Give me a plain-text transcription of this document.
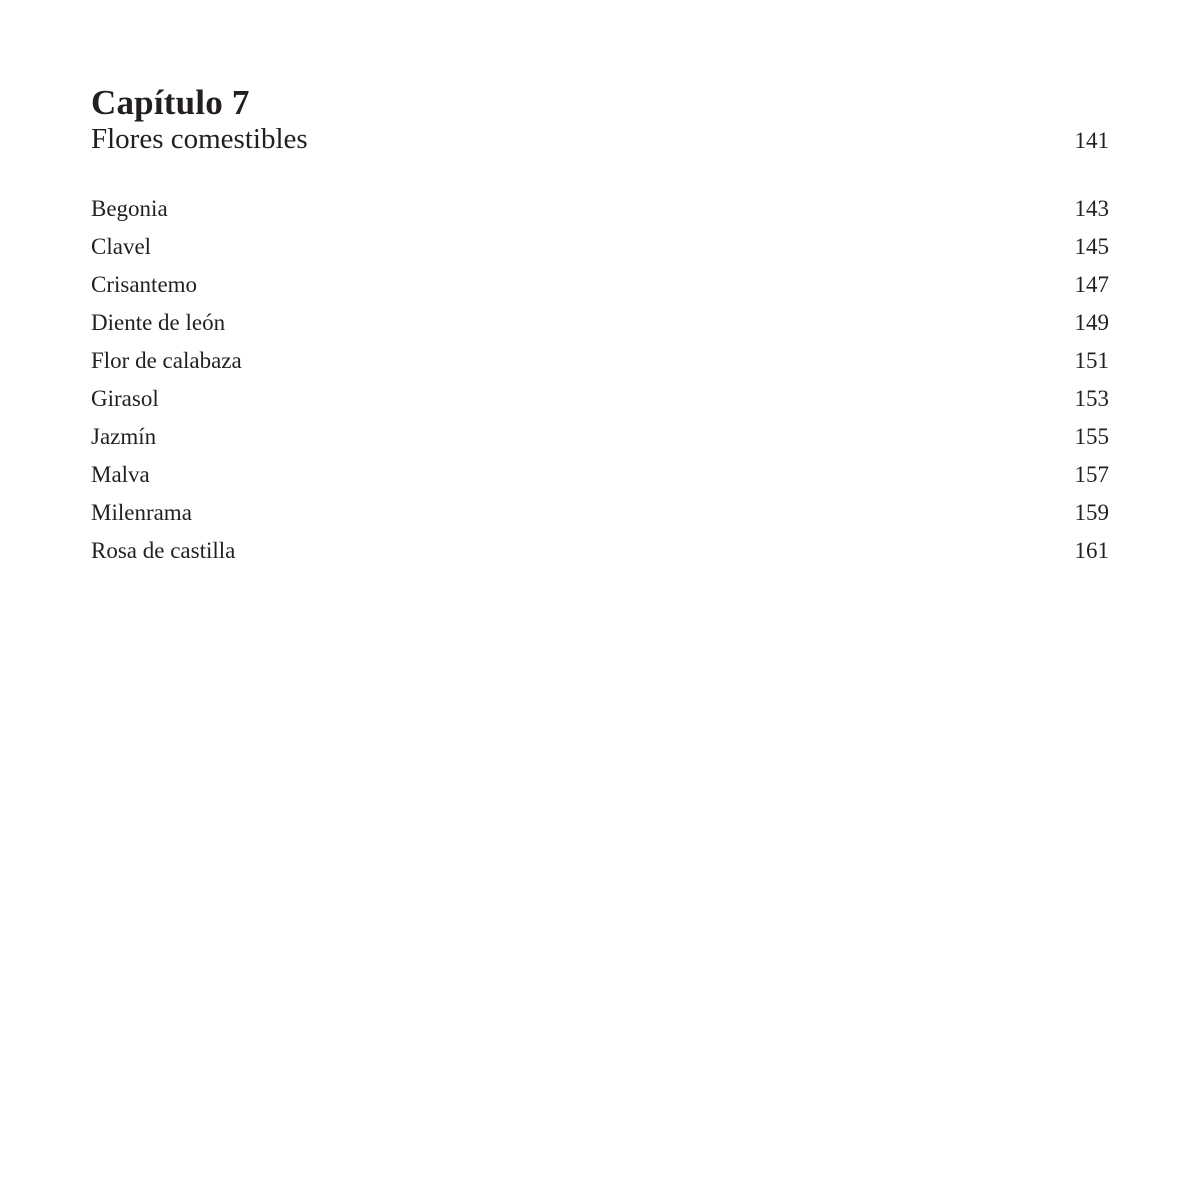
Capítulo 7
Flores comestibles	141
Begonia	143
Clavel	145
Crisantemo	147
Diente de león	149
Flor de calabaza	151
Girasol	153
Jazmín	155
Malva	157
Milenrama	159
Rosa de castilla	161
